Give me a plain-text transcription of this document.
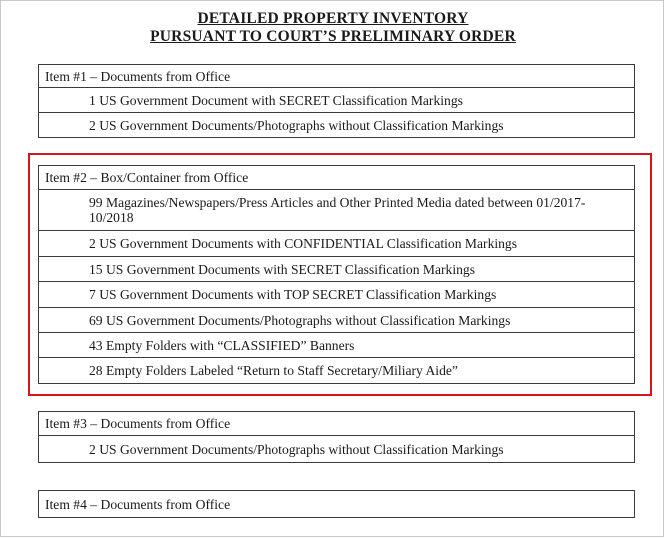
DETAILED PROPERTY INVENTORY

PURSUANT TO COURT’S PRELIMINARY ORDER

Item #1 – Documents from Office
1 US Government Document with SECRET Classification Markings
2 US Government Documents/Photographs without Classification Markings
Item #2 – Box/Container from Office
99 Magazines/Newspapers/Press Articles and Other Printed Media dated between 01/2017-10/2018
2 US Government Documents with CONFIDENTIAL Classification Markings
15 US Government Documents with SECRET Classification Markings
7 US Government Documents with TOP SECRET Classification Markings
69 US Government Documents/Photographs without Classification Markings
43 Empty Folders with “CLASSIFIED” Banners
28 Empty Folders Labeled “Return to Staff Secretary/Miliary Aide”
Item #3 – Documents from Office
2 US Government Documents/Photographs without Classification Markings
Item #4 – Documents from Office
